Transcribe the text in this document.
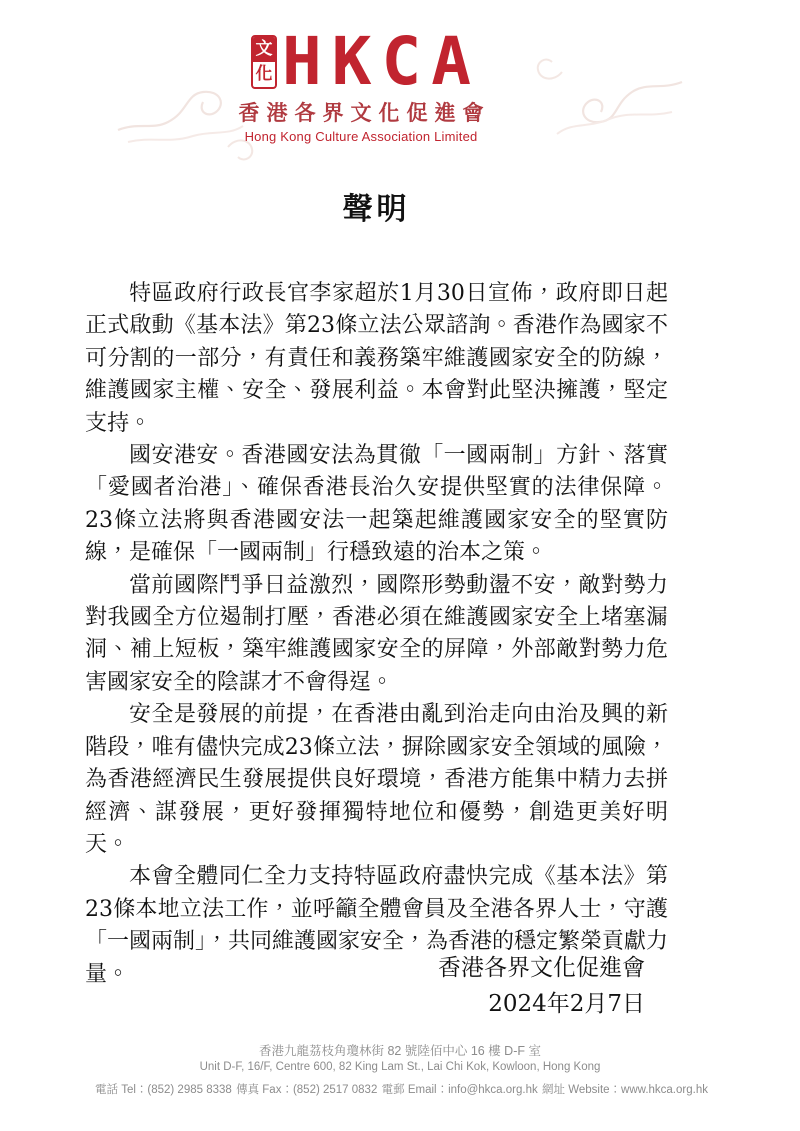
文
化 HKCA
香港各界文化促進會
Hong Kong Culture Association Limited
聲明

特區政府行政長官李家超於1月30日宣佈，政府即日起正式啟動《基本法》第23條立法公眾諮詢。香港作為國家不可分割的一部分，有責任和義務築牢維護國家安全的防線，維護國家主權、安全、發展利益。本會對此堅決擁護，堅定支持。

國安港安。香港國安法為貫徹「一國兩制」方針、落實「愛國者治港」、確保香港長治久安提供堅實的法律保障。23條立法將與香港國安法一起築起維護國家安全的堅實防線，是確保「一國兩制」行穩致遠的治本之策。

當前國際鬥爭日益激烈，國際形勢動盪不安，敵對勢力對我國全方位遏制打壓，香港必須在維護國家安全上堵塞漏洞、補上短板，築牢維護國家安全的屏障，外部敵對勢力危害國家安全的陰謀才不會得逞。

安全是發展的前提，在香港由亂到治走向由治及興的新階段，唯有儘快完成23條立法，摒除國家安全領域的風險，為香港經濟民生發展提供良好環境，香港方能集中精力去拼經濟、謀發展，更好發揮獨特地位和優勢，創造更美好明天。

本會全體同仁全力支持特區政府盡快完成《基本法》第23條本地立法工作，並呼籲全體會員及全港各界人士，守護「一國兩制」，共同維護國家安全，為香港的穩定繁榮貢獻力量。	香港各界文化促進會
2024年2月7日
香港九龍荔枝角瓊林街 82 號陸佰中心 16 樓 D-F 室
Unit D-F, 16/F, Centre 600, 82 King Lam St., Lai Chi Kok, Kowloon, Hong Kong
電話 Tel：(852) 2985 8338 傳真 Fax：(852) 2517 0832 電郵 Email：info@hkca.org.hk 網址 Website：www.hkca.org.hk
